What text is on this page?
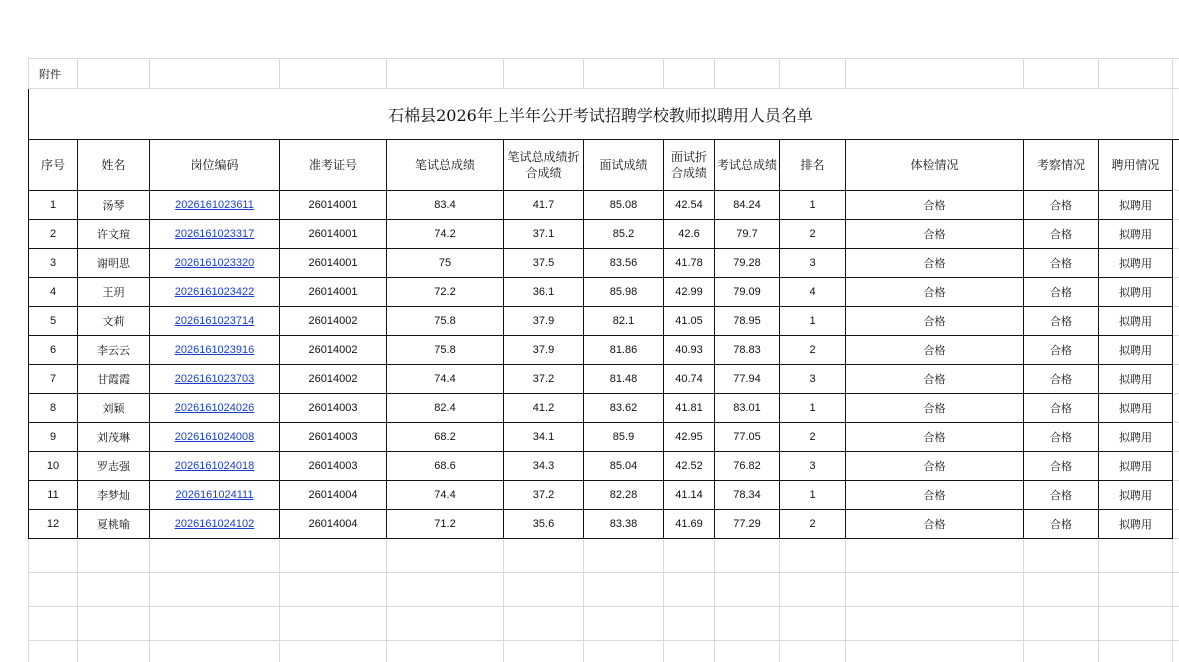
附件													
石棉县2026年上半年公开考试招聘学校教师拟聘用人员名单													
序号	姓名	岗位编码	准考证号	笔试总成绩	笔试总成绩折合成绩	面试成绩	面试折合成绩	考试总成绩	排名	体检情况	考察情况	聘用情况	
1	汤琴	2026161023611	26014001	83.4	41.7	85.08	42.54	84.24	1	合格	合格	拟聘用	
2	许文瑄	2026161023317	26014001	74.2	37.1	85.2	42.6	79.7	2	合格	合格	拟聘用	
3	谢明思	2026161023320	26014001	75	37.5	83.56	41.78	79.28	3	合格	合格	拟聘用	
4	王玥	2026161023422	26014001	72.2	36.1	85.98	42.99	79.09	4	合格	合格	拟聘用	
5	文莉	2026161023714	26014002	75.8	37.9	82.1	41.05	78.95	1	合格	合格	拟聘用	
6	李云云	2026161023916	26014002	75.8	37.9	81.86	40.93	78.83	2	合格	合格	拟聘用	
7	甘霞霞	2026161023703	26014002	74.4	37.2	81.48	40.74	77.94	3	合格	合格	拟聘用	
8	刘颖	2026161024026	26014003	82.4	41.2	83.62	41.81	83.01	1	合格	合格	拟聘用	
9	刘茂琳	2026161024008	26014003	68.2	34.1	85.9	42.95	77.05	2	合格	合格	拟聘用	
10	罗志强	2026161024018	26014003	68.6	34.3	85.04	42.52	76.82	3	合格	合格	拟聘用	
11	李梦灿	2026161024111	26014004	74.4	37.2	82.28	41.14	78.34	1	合格	合格	拟聘用	
12	夏桃喻	2026161024102	26014004	71.2	35.6	83.38	41.69	77.29	2	合格	合格	拟聘用	
